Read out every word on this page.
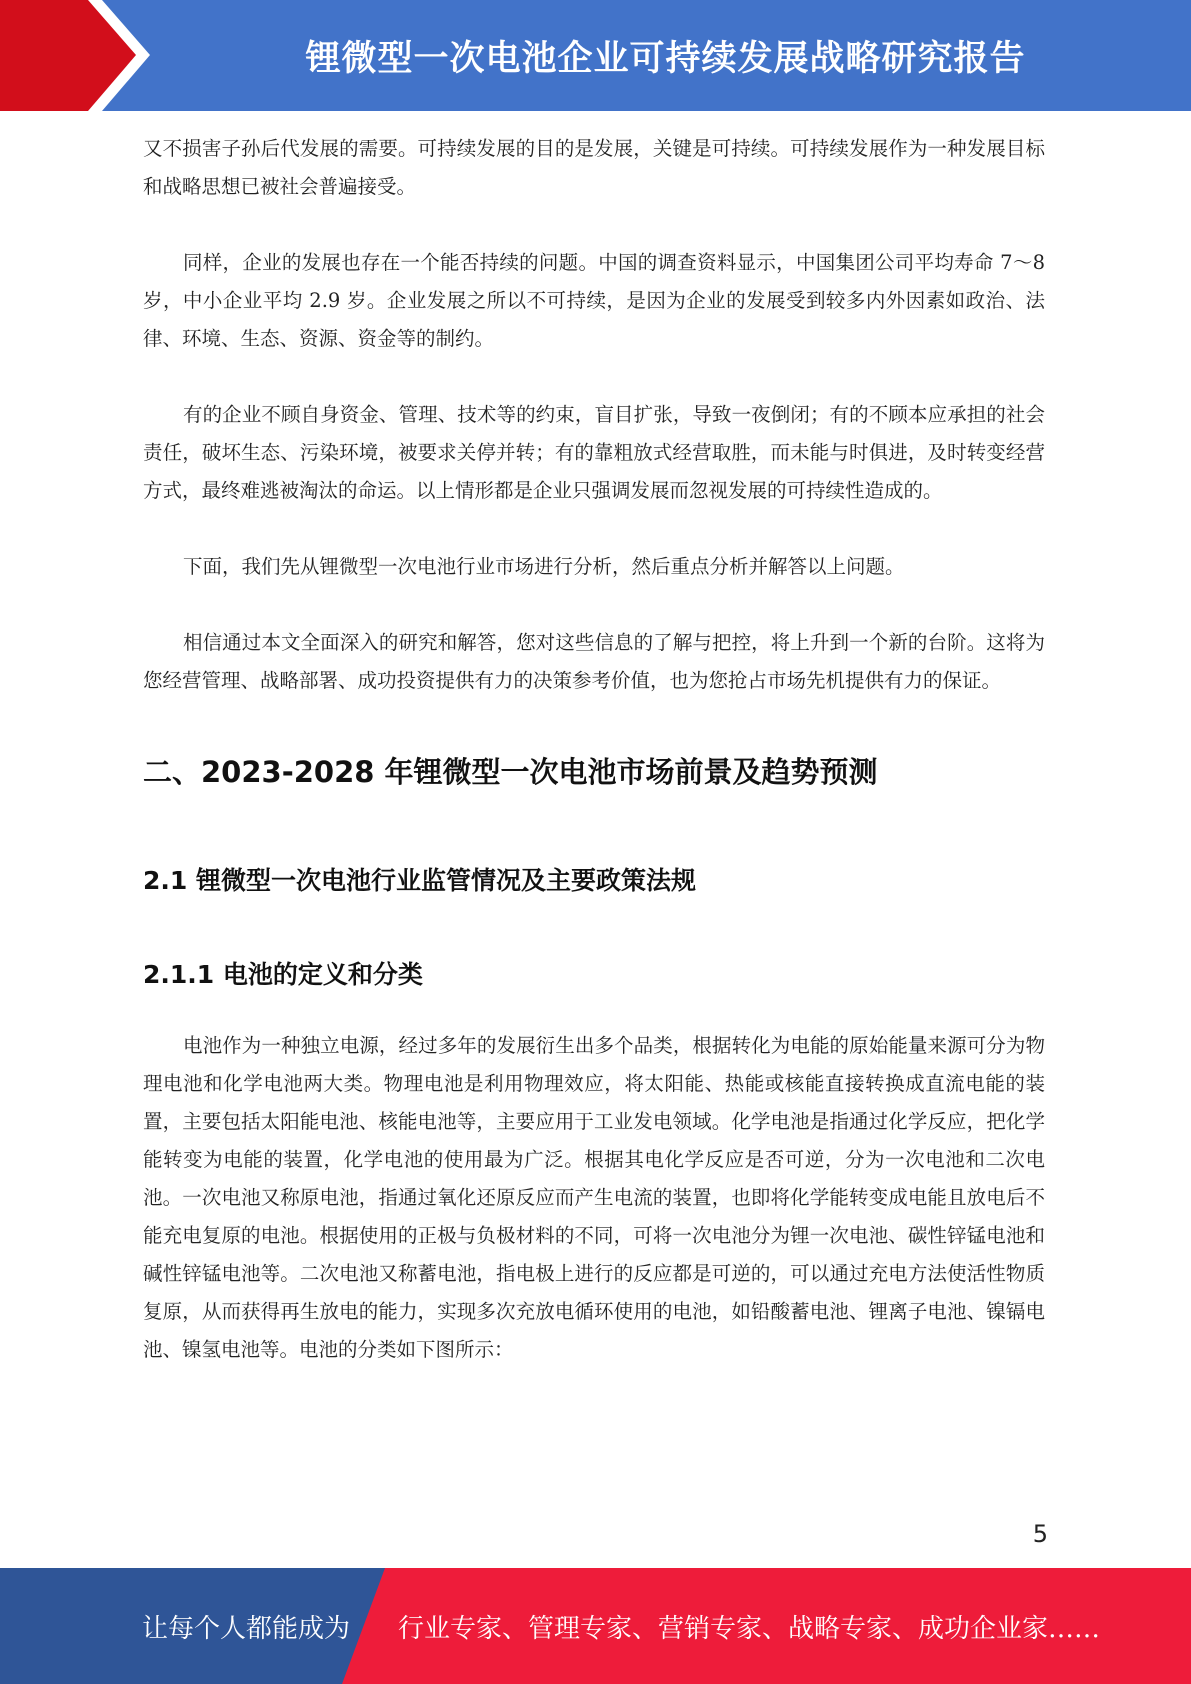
锂微型一次电池企业可持续发展战略研究报告

又不损害子孙后代发展的需要。可持续发展的目的是发展，关键是可持续。可持续发展作为一种发展目标和战略思想已被社会普遍接受。

同样，企业的发展也存在一个能否持续的问题。中国的调查资料显示，中国集团公司平均寿命 7～8 岁，中小企业平均 2.9 岁。企业发展之所以不可持续，是因为企业的发展受到较多内外因素如政治、法律、环境、生态、资源、资金等的制约。

有的企业不顾自身资金、管理、技术等的约束，盲目扩张，导致一夜倒闭；有的不顾本应承担的社会责任，破坏生态、污染环境，被要求关停并转；有的靠粗放式经营取胜，而未能与时俱进，及时转变经营方式，最终难逃被淘汰的命运。以上情形都是企业只强调发展而忽视发展的可持续性造成的。

下面，我们先从锂微型一次电池行业市场进行分析，然后重点分析并解答以上问题。

相信通过本文全面深入的研究和解答，您对这些信息的了解与把控，将上升到一个新的台阶。这将为您经营管理、战略部署、成功投资提供有力的决策参考价值，也为您抢占市场先机提供有力的保证。

二、2023-2028 年锂微型一次电池市场前景及趋势预测
2.1 锂微型一次电池行业监管情况及主要政策法规
2.1.1 电池的定义和分类

电池作为一种独立电源，经过多年的发展衍生出多个品类，根据转化为电能的原始能量来源可分为物理电池和化学电池两大类。物理电池是利用物理效应，将太阳能、热能或核能直接转换成直流电能的装置，主要包括太阳能电池、核能电池等，主要应用于工业发电领域。化学电池是指通过化学反应，把化学能转变为电能的装置，化学电池的使用最为广泛。根据其电化学反应是否可逆，分为一次电池和二次电池。一次电池又称原电池，指通过氧化还原反应而产生电流的装置，也即将化学能转变成电能且放电后不能充电复原的电池。根据使用的正极与负极材料的不同，可将一次电池分为锂一次电池、碳性锌锰电池和碱性锌锰电池等。二次电池又称蓄电池，指电极上进行的反应都是可逆的，可以通过充电方法使活性物质复原，从而获得再生放电的能力，实现多次充放电循环使用的电池，如铅酸蓄电池、锂离子电池、镍镉电池、镍氢电池等。电池的分类如下图所示：

5
让每个人都能成为 行业专家、管理专家、营销专家、战略专家、成功企业家……
